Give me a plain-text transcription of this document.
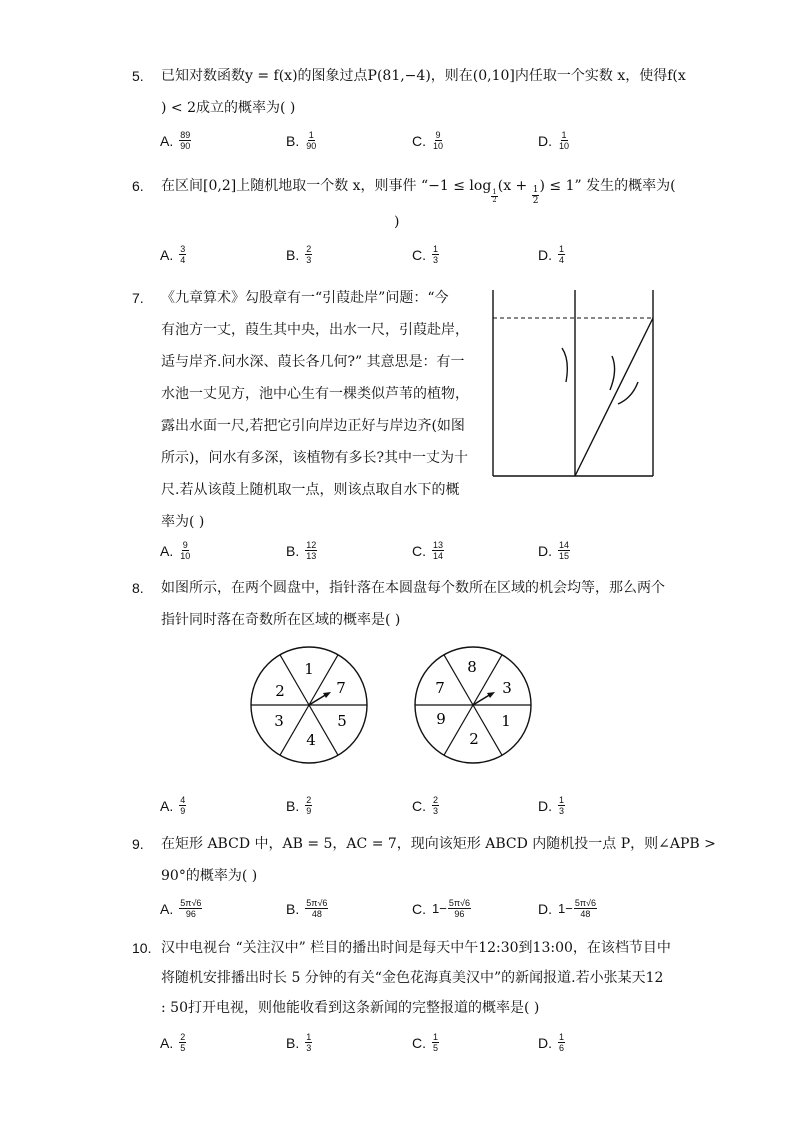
5. 已知对数函数y = f(x)的图象过点P(81,−4)，则在(0,10]内任取一个实数 x，使得f(x
) < 2成立的概率为( )
A. $\frac{89}{90}$	B. $\frac{1}{90}$	C. $\frac{9}{10}$	D. $\frac{1}{10}$
6. 在区间[0,2]上随机地取一个数 x，则事件 “−1 ≤ log
$\frac{1}{2}$
($x + \frac{1}{2}$ ) ≤ 1” 发生的概率为(
)
A. $\frac{3}{4}$	B. $\frac{2}{3}$	C. $\frac{1}{3}$	D. $\frac{1}{4}$
7. 《九章算术》勾股章有一“引葭赴岸”问题：“今
有池方一丈，葭生其中央，出水一尺，引葭赴岸，
适与岸齐.问水深、葭长各几何?” 其意思是：有一
水池一丈见方，池中心生有一棵类似芦苇的植物，
露出水面一尺,若把它引向岸边正好与岸边齐(如图
所示)，问水有多深，该植物有多长?其中一丈为十
尺.若从该葭上随机取一点，则该点取自水下的概
率为( )
A. $\frac{9}{10}$	B. $\frac{12}{13}$	C. $\frac{13}{14}$	D. $\frac{14}{15}$
8. 如图所示，在两个圆盘中，指针落在本圆盘每个数所在区域的机会均等，那么两个
指针同时落在奇数所在区域的概率是( )
1
7
5
4
3
2
8
3
1
2
9
7
A. $\frac{4}{9}$	B. $\frac{2}{9}$	C. $\frac{2}{3}$	D. $\frac{1}{3}$
9. 在矩形 ABCD 中，AB = 5，AC = 7，现向该矩形 ABCD 内随机投一点 P，则∠APB >
90°的概率为( )
A. $\frac{5\pi√6}{96}$	B. $\frac{5\pi√6}{48}$	C. $1- \frac{5\pi√6}{96}$	D. $1- \frac{5\pi√6}{48}$
10. 汉中电视台 “关注汉中” 栏目的播出时间是每天中午12:30到13:00，在该档节目中
将随机安排播出时长 5 分钟的有关“金色花海真美汉中”的新闻报道.若小张某天12
: 50打开电视，则他能收看到这条新闻的完整报道的概率是( )
A. $\frac{2}{5}$	B. $\frac{1}{3}$	C. $\frac{1}{5}$	D. $\frac{1}{6}$
